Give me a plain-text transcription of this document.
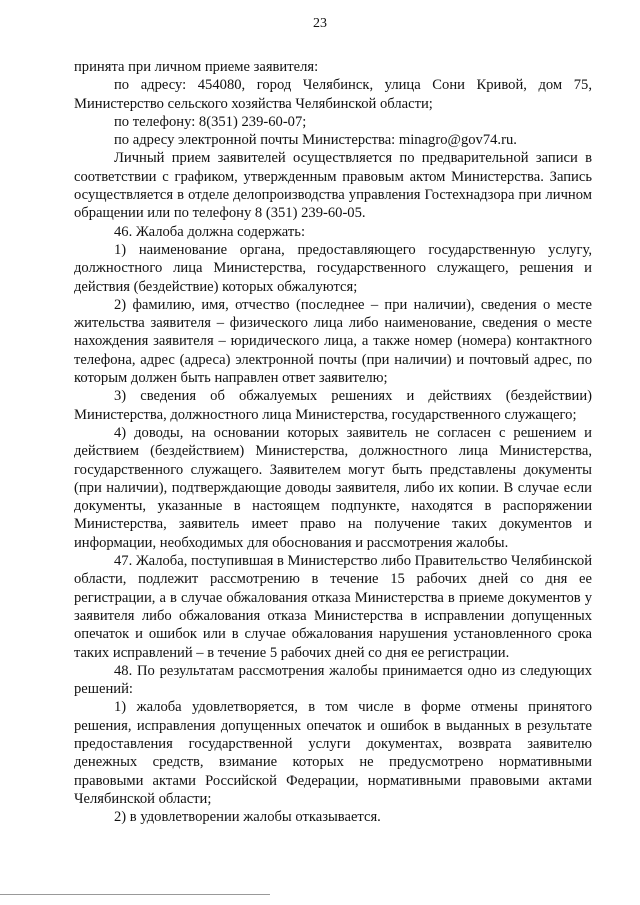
23

принята при личном приеме заявителя:

по адресу: 454080, город Челябинск, улица Сони Кривой, дом 75, Министерство сельского хозяйства Челябинской области;

по телефону: 8(351) 239-60-07;

по адресу электронной почты Министерства: minagro@gov74.ru.

Личный прием заявителей осуществляется по предварительной записи в соответствии с графиком, утвержденным правовым актом Министерства. Запись осуществляется в отделе делопроизводства управления Гостехнадзора при личном обращении или по телефону 8 (351) 239-60-05.

46. Жалоба должна содержать:

1) наименование органа, предоставляющего государственную услугу, должностного лица Министерства, государственного служащего, решения и действия (бездействие) которых обжалуются;

2) фамилию, имя, отчество (последнее – при наличии), сведения о месте жительства заявителя – физического лица либо наименование, сведения о месте нахождения заявителя – юридического лица, а также номер (номера) контактного телефона, адрес (адреса) электронной почты (при наличии) и почтовый адрес, по которым должен быть направлен ответ заявителю;

3) сведения об обжалуемых решениях и действиях (бездействии) Министерства, должностного лица Министерства, государственного служащего;

4) доводы, на основании которых заявитель не согласен с решением и действием (бездействием) Министерства, должностного лица Министерства, государственного служащего. Заявителем могут быть представлены документы (при наличии), подтверждающие доводы заявителя, либо их копии. В случае если документы, указанные в настоящем подпункте, находятся в распоряжении Министерства, заявитель имеет право на получение таких документов и информации, необходимых для обоснования и рассмотрения жалобы.

47. Жалоба, поступившая в Министерство либо Правительство Челябинской области, подлежит рассмотрению в течение 15 рабочих дней со дня ее регистрации, а в случае обжалования отказа Министерства в приеме документов у заявителя либо обжалования отказа Министерства в исправлении допущенных опечаток и ошибок или в случае обжалования нарушения установленного срока таких исправлений – в течение 5 рабочих дней со дня ее регистрации.

48. По результатам рассмотрения жалобы принимается одно из следующих решений:

1) жалоба удовлетворяется, в том числе в форме отмены принятого решения, исправления допущенных опечаток и ошибок в выданных в результате предоставления государственной услуги документах, возврата заявителю денежных средств, взимание которых не предусмотрено нормативными правовыми актами Российской Федерации, нормативными правовыми актами Челябинской области;

2) в удовлетворении жалобы отказывается.
